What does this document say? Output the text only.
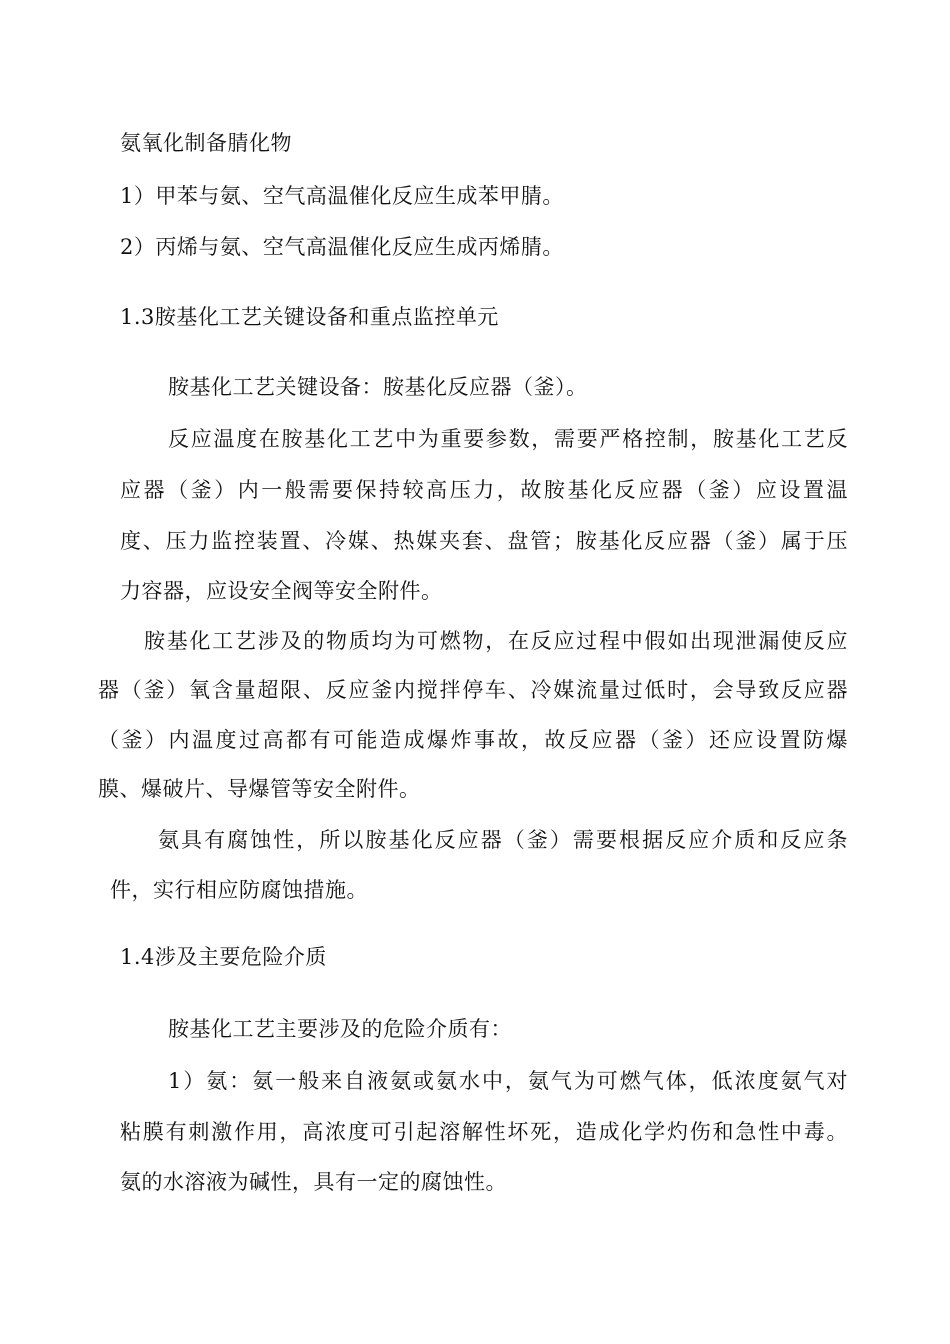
氨氧化制备腈化物
1）甲苯与氨、空气高温催化反应生成苯甲腈。
2）丙烯与氨、空气高温催化反应生成丙烯腈。
1.3胺基化工艺关键设备和重点监控单元
胺基化工艺关键设备：胺基化反应器（釜）。
反应温度在胺基化工艺中为重要参数，需要严格控制，胺基化工艺反
应器（釜）内一般需要保持较高压力，故胺基化反应器（釜）应设置温
度、压力监控装置、冷媒、热媒夹套、盘管；胺基化反应器（釜）属于压
力容器，应设安全阀等安全附件。
胺基化工艺涉及的物质均为可燃物，在反应过程中假如出现泄漏使反应
器（釜）氧含量超限、反应釜内搅拌停车、冷媒流量过低时，会导致反应器
（釜）内温度过高都有可能造成爆炸事故，故反应器（釜）还应设置防爆
膜、爆破片、导爆管等安全附件。
氨具有腐蚀性，所以胺基化反应器（釜）需要根据反应介质和反应条
件，实行相应防腐蚀措施。
1.4涉及主要危险介质
胺基化工艺主要涉及的危险介质有：
1）氨：氨一般来自液氨或氨水中，氨气为可燃气体，低浓度氨气对
粘膜有刺激作用，高浓度可引起溶解性坏死，造成化学灼伤和急性中毒。
氨的水溶液为碱性，具有一定的腐蚀性。
